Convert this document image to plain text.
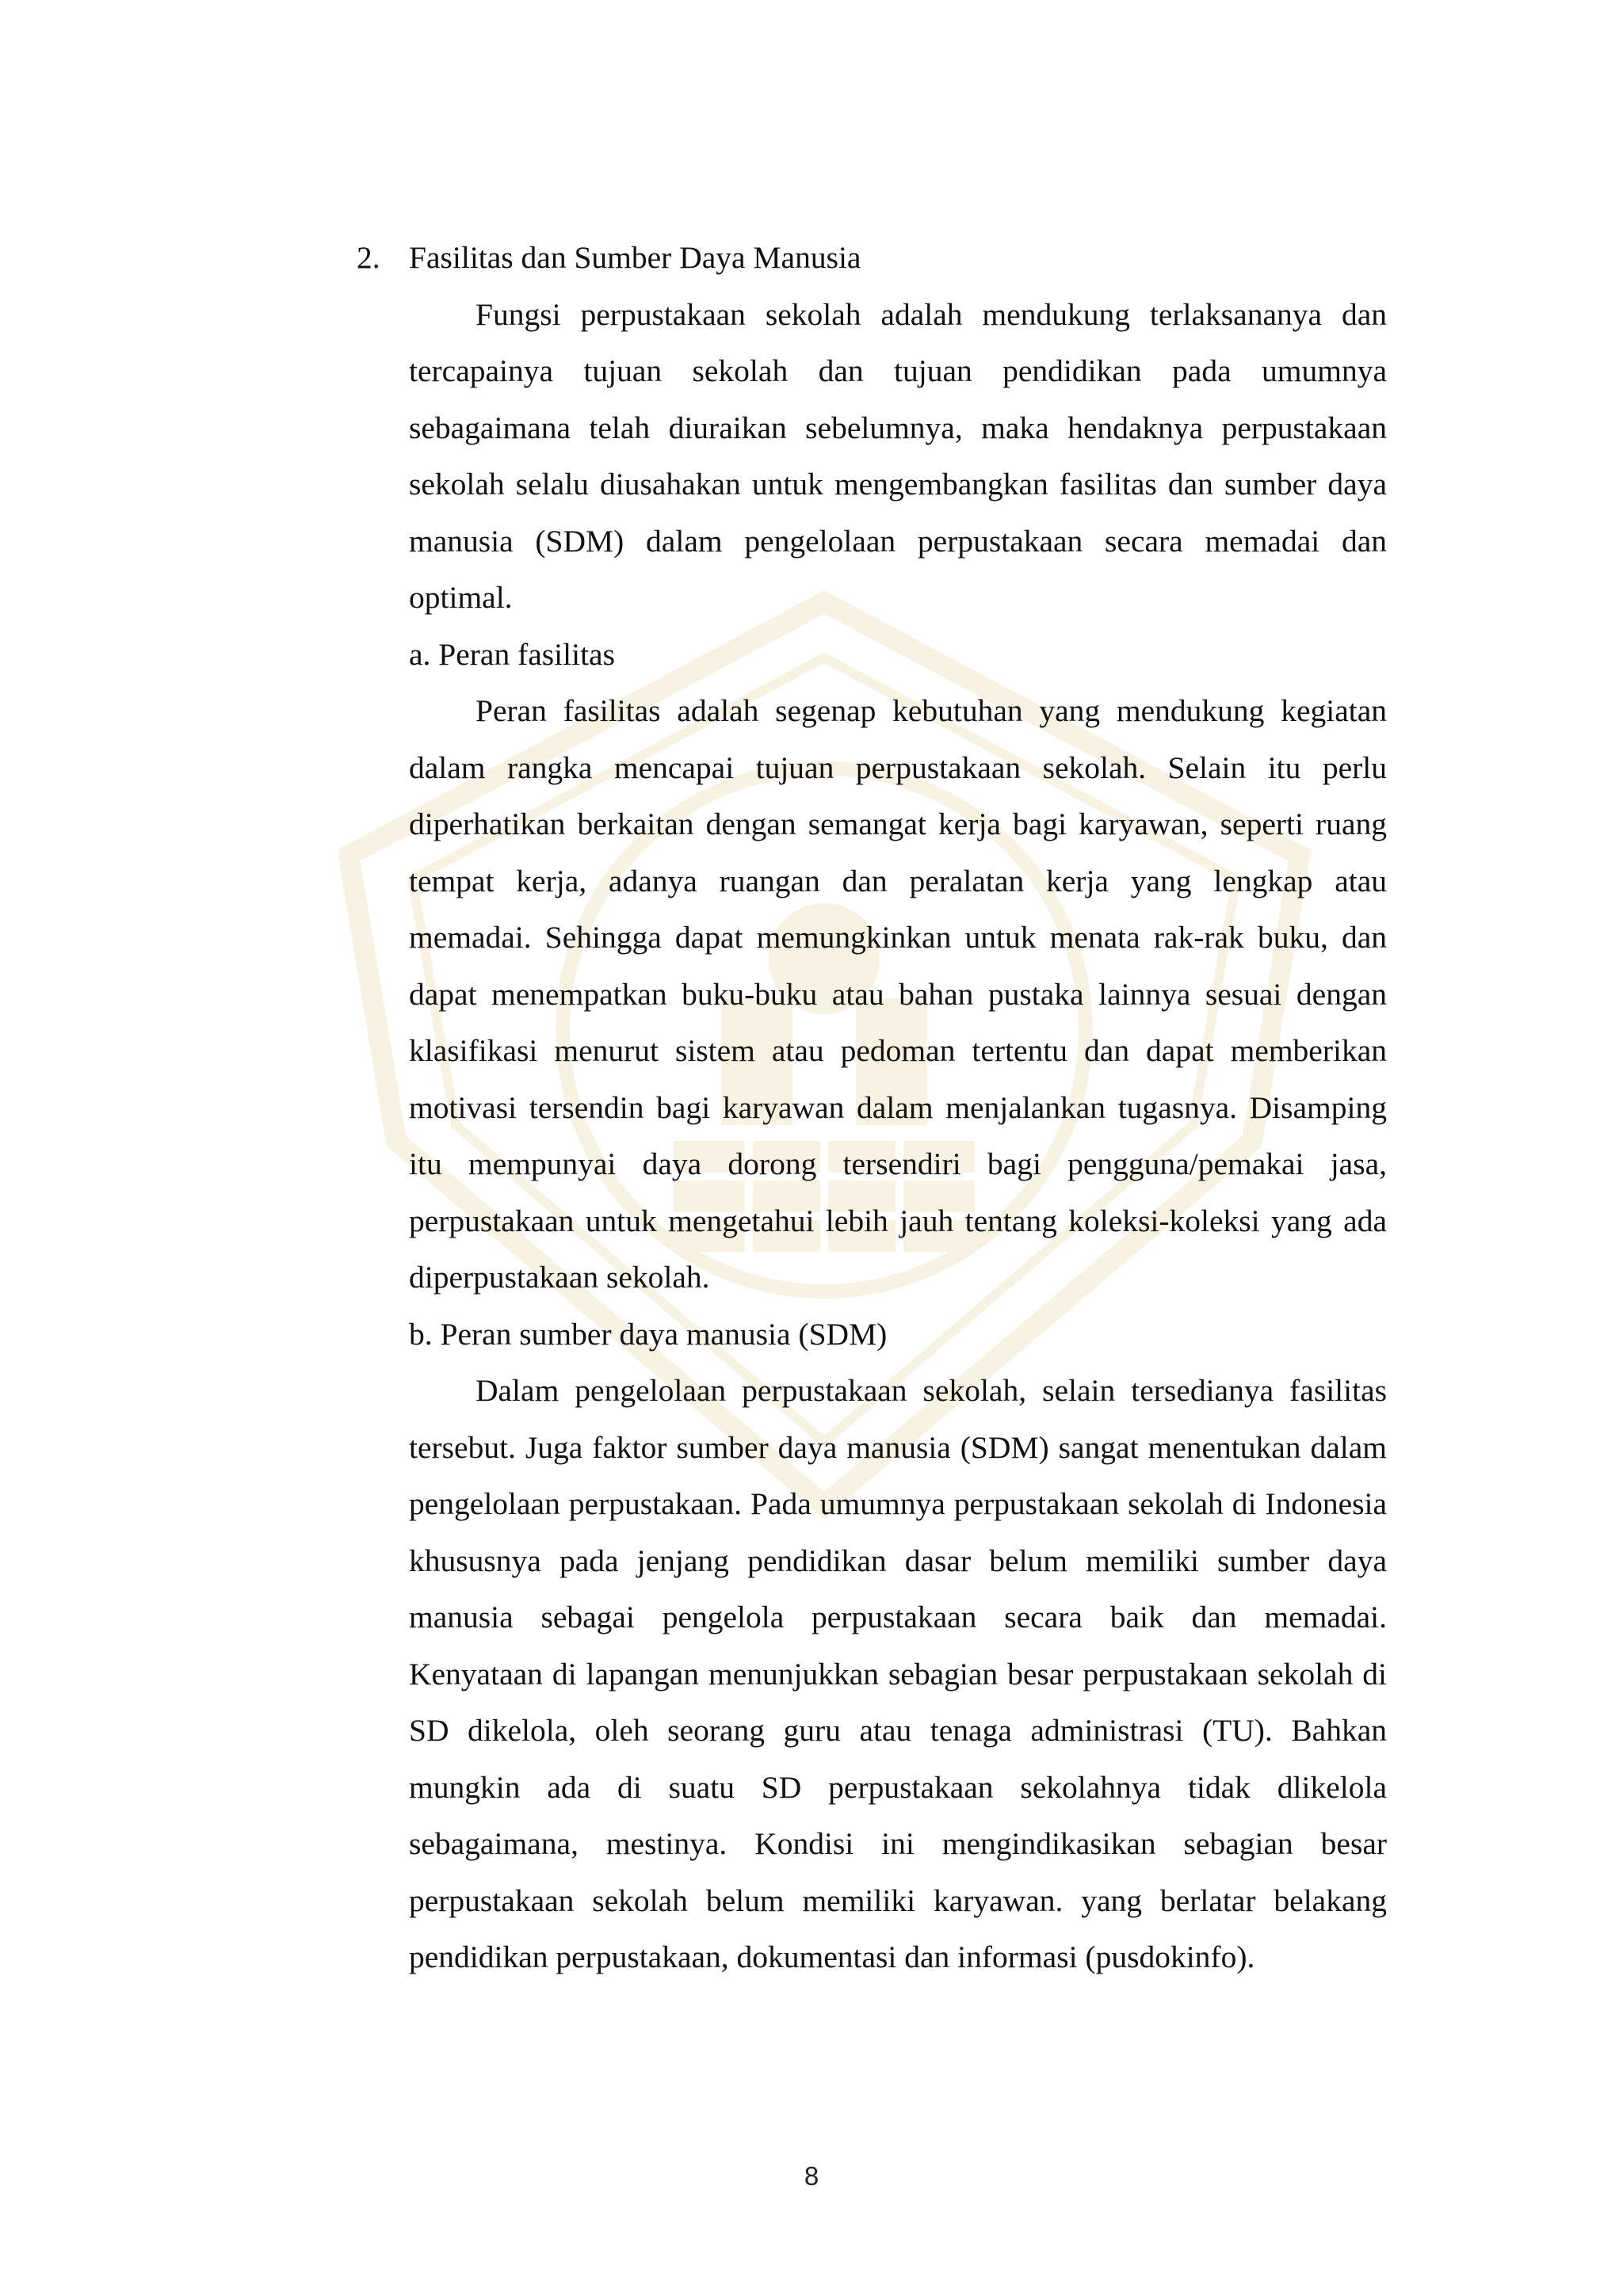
2. Fasilitas dan Sumber Daya Manusia

Fungsi perpustakaan sekolah adalah mendukung terlaksananya dan tercapainya tujuan sekolah dan tujuan pendidikan pada umumnya sebagaimana telah diuraikan sebelumnya, maka hendaknya perpustakaan sekolah selalu diusahakan untuk mengembangkan fasilitas dan sumber daya manusia (SDM) dalam pengelolaan perpustakaan secara memadai dan optimal.

a. Peran fasilitas

Peran fasilitas adalah segenap kebutuhan yang mendukung kegiatan dalam rangka mencapai tujuan perpustakaan sekolah. Selain itu perlu diperhatikan berkaitan dengan semangat kerja bagi karyawan, seperti ruang tempat kerja, adanya ruangan dan peralatan kerja yang lengkap atau memadai. Sehingga dapat memungkinkan untuk menata rak-rak buku, dan dapat menempatkan buku-buku atau bahan pustaka lainnya sesuai dengan klasifikasi menurut sistem atau pedoman tertentu dan dapat memberikan motivasi tersendin bagi karyawan dalam menjalankan tugasnya. Disamping itu mempunyai daya dorong tersendiri bagi pengguna/pemakai jasa, perpustakaan untuk mengetahui lebih jauh tentang koleksi-koleksi yang ada diperpustakaan sekolah.

b. Peran sumber daya manusia (SDM)

Dalam pengelolaan perpustakaan sekolah, selain tersedianya fasilitas tersebut. Juga faktor sumber daya manusia (SDM) sangat menentukan dalam pengelolaan perpustakaan. Pada umumnya perpustakaan sekolah di Indonesia khususnya pada jenjang pendidikan dasar belum memiliki sumber daya manusia sebagai pengelola perpustakaan secara baik dan memadai. Kenyataan di lapangan menunjukkan sebagian besar perpustakaan sekolah di SD dikelola, oleh seorang guru atau tenaga administrasi (TU). Bahkan mungkin ada di suatu SD perpustakaan sekolahnya tidak dlikelola sebagaimana, mestinya. Kondisi ini mengindikasikan sebagian besar perpustakaan sekolah belum memiliki karyawan. yang berlatar belakang pendidikan perpustakaan, dokumentasi dan informasi (pusdokinfo).

8
